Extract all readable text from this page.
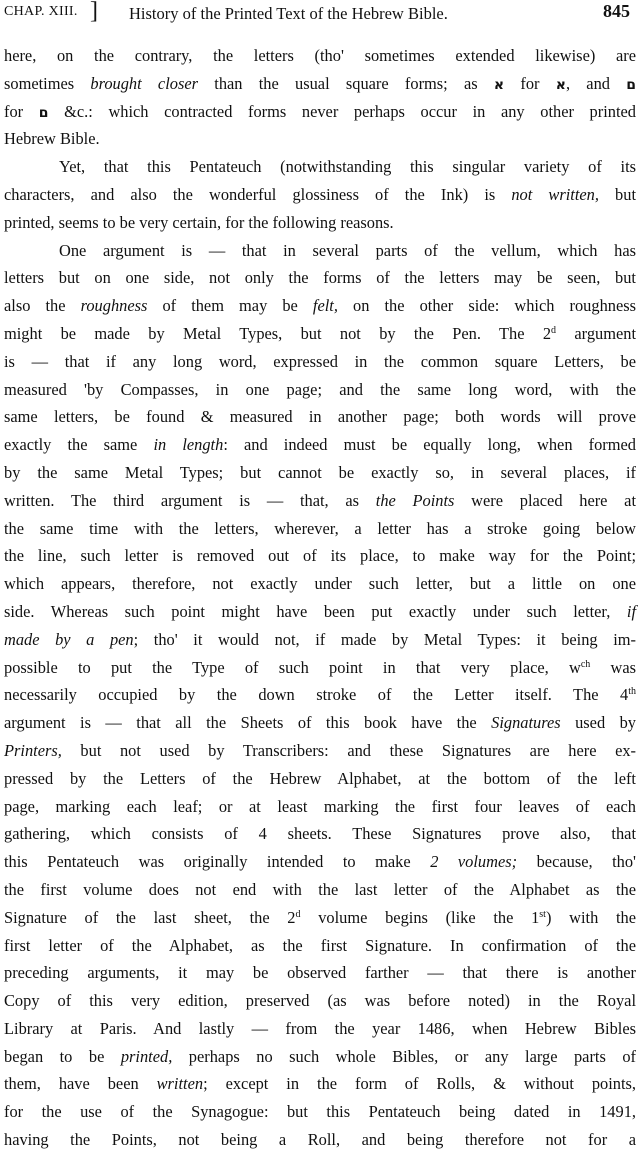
CHAP. XIII. ] History of the Printed Text of the Hebrew Bible.	845
here, on the contrary, the letters (tho' sometimes extended likewise) are
sometimes brought closer than the usual square forms; as א for א, and ם
for ם &c.: which contracted forms never perhaps occur in any other printed
Hebrew Bible.
Yet, that this Pentateuch (notwithstanding this singular variety of its
characters, and also the wonderful glossiness of the Ink) is not written, but
printed, seems to be very certain, for the following reasons.
One argument is — that in several parts of the vellum, which has
letters but on one side, not only the forms of the letters may be seen, but
also the roughness of them may be felt, on the other side: which roughness
might be made by Metal Types, but not by the Pen. The 2$^d$ argument
is — that if any long word, expressed in the common square Letters, be
measured 'by Compasses, in one page; and the same long word, with the
same letters, be found & measured in another page; both words will prove
exactly the same in length: and indeed must be equally long, when formed
by the same Metal Types; but cannot be exactly so, in several places, if
written. The third argument is — that, as the Points were placed here at
the same time with the letters, wherever, a letter has a stroke going below
the line, such letter is removed out of its place, to make way for the Point;
which appears, therefore, not exactly under such letter, but a little on one
side. Whereas such point might have been put exactly under such letter, if
made by a pen; tho' it would not, if made by Metal Types: it being im-
possible to put the Type of such point in that very place, $w^{ch}$ was
necessarily occupied by the down stroke of the Letter itself. The 4th
argument is — that all the Sheets of this book have the Signatures used by
Printers, but not used by Transcribers: and these Signatures are here ex-
pressed by the Letters of the Hebrew Alphabet, at the bottom of the left
page, marking each leaf; or at least marking the first four leaves of each
gathering, which consists of 4 sheets. These Signatures prove also, that
this Pentateuch was originally intended to make 2 volumes; because, tho'
the first volume does not end with the last letter of the Alphabet as the
Signature of the last sheet, the 2$^d$ volume begins (like the 1st) with the
first letter of the Alphabet, as the first Signature. In confirmation of the
preceding arguments, it may be observed farther — that there is another
Copy of this very edition, preserved (as was before noted) in the Royal
Library at Paris. And lastly — from the year 1486, when Hebrew Bibles
began to be printed, perhaps no such whole Bibles, or any large parts of
them, have been written; except in the form of Rolls, & without points,
for the use of the Synagogue: but this Pentateuch being dated in 1491,
having the Points, not being a Roll, and being therefore not for a
